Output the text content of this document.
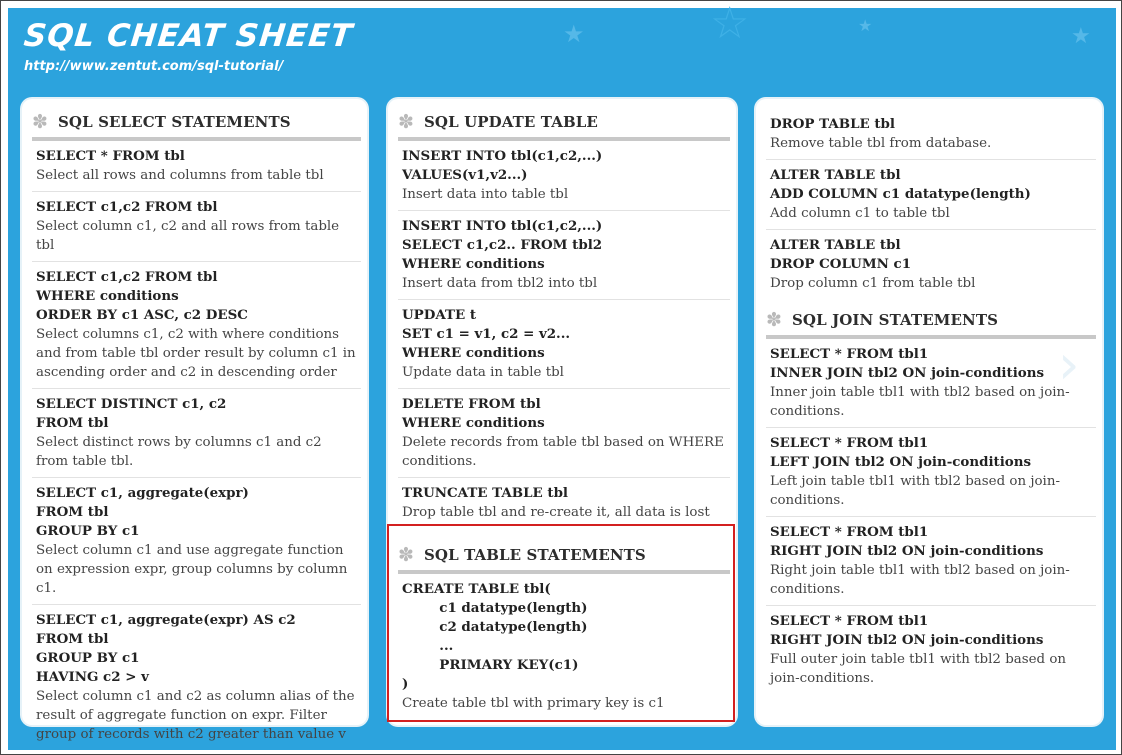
★	☆	★
★
SQL CHEAT SHEET
http://www.zentut.com/sql-tutorial/
✽ SQL SELECT STATEMENTS
SELECT * FROM tbl
Select all rows and columns from table tbl
SELECT c1,c2 FROM tbl
Select column c1, c2 and all rows from table tbl
SELECT c1,c2 FROM tbl
WHERE conditions
ORDER BY c1 ASC, c2 DESC
Select columns c1, c2 with where conditions and from table tbl order result by column c1 in ascending order and c2 in descending order
SELECT DISTINCT c1, c2
FROM tbl
Select distinct rows by columns c1 and c2 from table tbl.
SELECT c1, aggregate(expr)
FROM tbl
GROUP BY c1
Select column c1 and use aggregate function on expression expr, group columns by column c1.
SELECT c1, aggregate(expr) AS c2
FROM tbl
GROUP BY c1
HAVING c2 > v
Select column c1 and c2 as column alias of the result of aggregate function on expr. Filter group of records with c2 greater than value v
✽ SQL UPDATE TABLE
INSERT INTO tbl(c1,c2,...)
VALUES(v1,v2...)
Insert data into table tbl
INSERT INTO tbl(c1,c2,...)
SELECT c1,c2.. FROM tbl2
WHERE conditions
Insert data from tbl2 into tbl
UPDATE t
SET c1 = v1, c2 = v2...
WHERE conditions
Update data in table tbl
DELETE FROM tbl
WHERE conditions
Delete records from table tbl based on WHERE conditions.
TRUNCATE TABLE tbl
Drop table tbl and re-create it, all data is lost
✽ SQL TABLE STATEMENTS
CREATE TABLE tbl(
c1 datatype(length)
c2 datatype(length)
...
PRIMARY KEY(c1)
)
Create table tbl with primary key is c1
DROP TABLE tbl
Remove table tbl from database.
ALTER TABLE tbl
ADD COLUMN c1 datatype(length)
Add column c1 to table tbl
ALTER TABLE tbl
DROP COLUMN c1
Drop column c1 from table tbl
✽ SQL JOIN STATEMENTS
SELECT * FROM tbl1
INNER JOIN tbl2 ON join-conditions
Inner join table tbl1 with tbl2 based on join-conditions.
SELECT * FROM tbl1
LEFT JOIN tbl2 ON join-conditions
Left join table tbl1 with tbl2 based on join-conditions.
SELECT * FROM tbl1
RIGHT JOIN tbl2 ON join-conditions
Right join table tbl1 with tbl2 based on join-conditions.
SELECT * FROM tbl1
RIGHT JOIN tbl2 ON join-conditions
Full outer join table tbl1 with tbl2 based on join-conditions.
›
